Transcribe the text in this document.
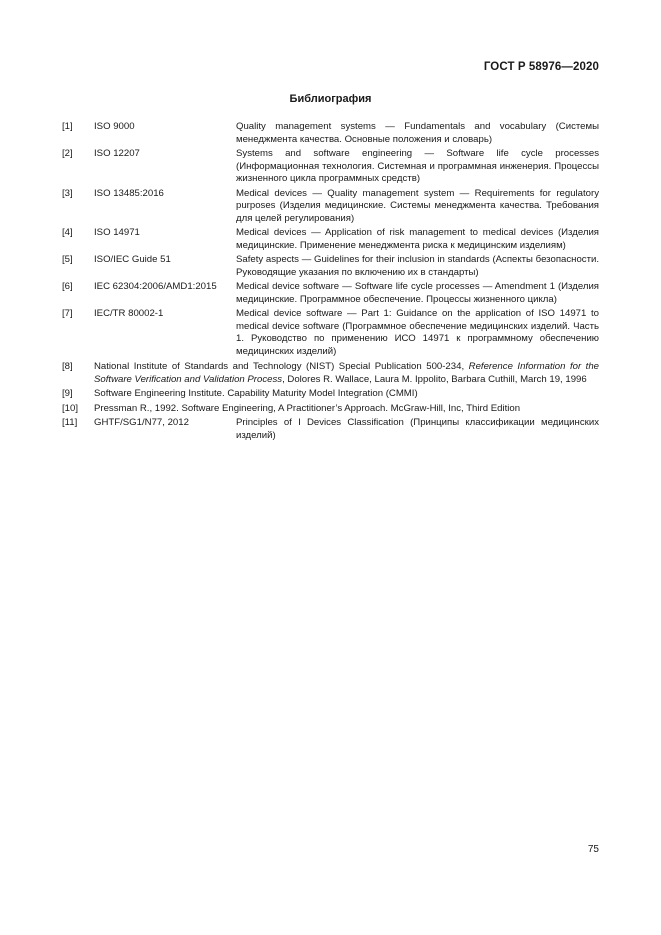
ГОСТ Р 58976—2020
Библиография
[1]	ISO 9000	Quality management systems — Fundamentals and vocabulary (Системы менеджмента качества. Основные положения и словарь)
[2]	ISO 12207	Systems and software engineering — Software life cycle processes (Информационная технология. Системная и программная инженерия. Процессы жизненного цикла программных средств)
[3]	ISO 13485:2016	Medical devices — Quality management system — Requirements for regulatory purposes (Изделия медицинские. Системы менеджмента качества. Требования для целей регулирования)
[4]	ISO 14971	Medical devices — Application of risk management to medical devices (Изделия медицинские. Применение менеджмента риска к медицинским изделиям)
[5]	ISO/IEC Guide 51	Safety aspects — Guidelines for their inclusion in standards (Аспекты безопасности. Руководящие указания по включению их в стандарты)
[6]	IEC 62304:2006/AMD1:2015	Medical device software — Software life cycle processes — Amendment 1 (Изделия медицинские. Программное обеспечение. Процессы жизненного цикла)
[7]	IEC/TR 80002-1	Medical device software — Part 1: Guidance on the application of ISO 14971 to medical device software (Программное обеспечение медицинских изделий. Часть 1. Руководство по применению ИСО 14971 к программному обеспечению медицинских изделий)
[8]	National Institute of Standards and Technology (NIST) Special Publication 500-234, Reference Information for the Software Verification and Validation Process, Dolores R. Wallace, Laura M. Ippolito, Barbara Cuthill, March 19, 1996
[9]	Software Engineering Institute. Capability Maturity Model Integration (CMMI)
[10]	Pressman R., 1992. Software Engineering, A Practitioner’s Approach. McGraw-Hill, Inc, Third Edition
[11]	GHTF/SG1/N77, 2012	Principles of I Devices Classification (Принципы классификации медицинских изделий)
75
